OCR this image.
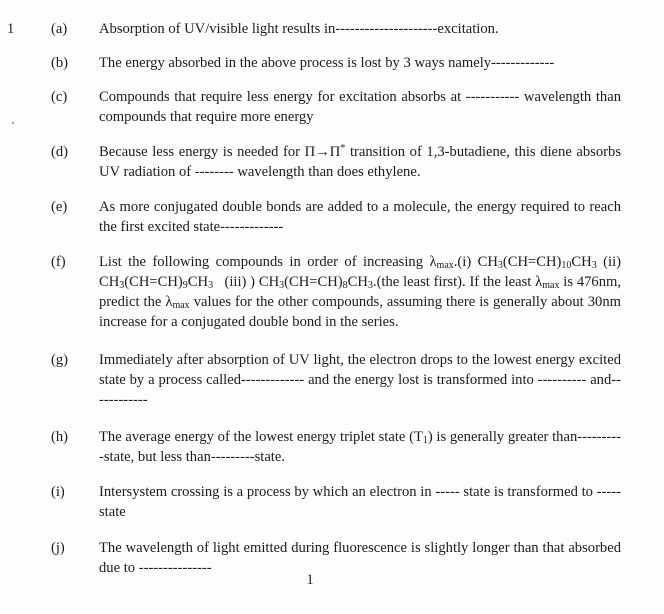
1	(a) Absorption of UV/visible light results in---------------------excitation.
(b) The energy absorbed in the above process is lost by 3 ways namely-------------
(c) Compounds that require less energy for excitation absorbs at ----------- wavelength than compounds that require more energy
(d) Because less energy is needed for Π→Π* transition of 1,3-butadiene, this diene absorbs UV radiation of -------- wavelength than does ethylene.
(e) As more conjugated double bonds are added to a molecule, the energy required to reach the first excited state-------------
(f) List the following compounds in order of increasing $\lambda_{max}.(i)$ $CH_3(CH=CH)_{10}CH_3$ (ii) $CH_3(CH=CH)_9CH_3$   (iii) ) $CH_3(CH=CH)_8CH_3.(the$ least first). If the least $\lambda_{max}$ is 476nm, predict the $\lambda_{max}$ values for the other compounds, assuming there is generally about 30nm increase for a conjugated double bond in the series.
(g) Immediately after absorption of UV light, the electron drops to the lowest energy excited state by a process called------------- and the energy lost is transformed into ---------- and------------
(h) The average energy of the lowest energy triplet state $(T_1)$ is generally greater than----------state, but less than---------state.
(i) Intersystem crossing is a process by which an electron in ----- state is transformed to -----state
(j) The wavelength of light emitted during fluorescence is slightly longer than that absorbed due to ---------------
1
